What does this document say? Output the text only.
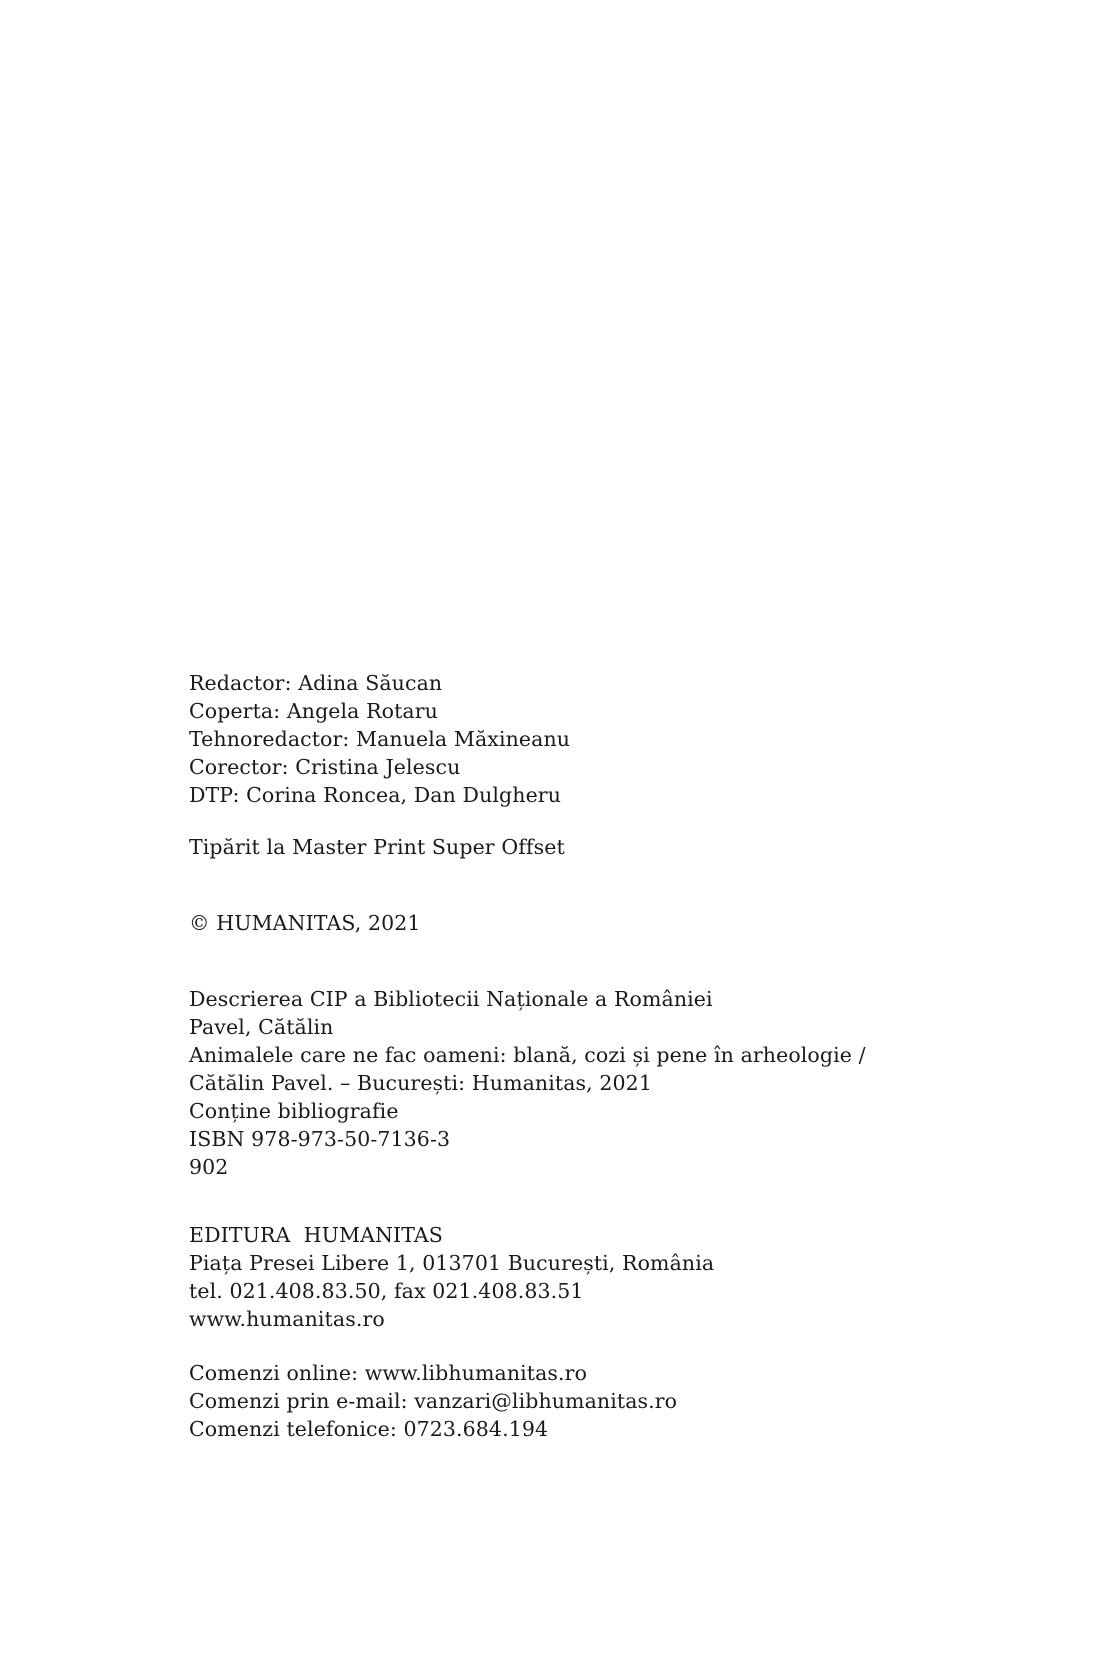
Redactor: Adina Săucan
Coperta: Angela Rotaru
Tehnoredactor: Manuela Măxineanu
Corector: Cristina Jelescu
DTP: Corina Roncea, Dan Dulgheru
Tipărit la Master Print Super Offset
© HUMANITAS, 2021
Descrierea CIP a Bibliotecii Naționale a României
Pavel, Cătălin
Animalele care ne fac oameni: blană, cozi și pene în arheologie /
Cătălin Pavel. – București: Humanitas, 2021
Conține bibliografie
ISBN 978-973-50-7136-3
902
EDITURA  HUMANITAS
Piața Presei Libere 1, 013701 București, România
tel. 021.408.83.50, fax 021.408.83.51
www.humanitas.ro
Comenzi online: www.libhumanitas.ro
Comenzi prin e-mail: vanzari@libhumanitas.ro
Comenzi telefonice: 0723.684.194
